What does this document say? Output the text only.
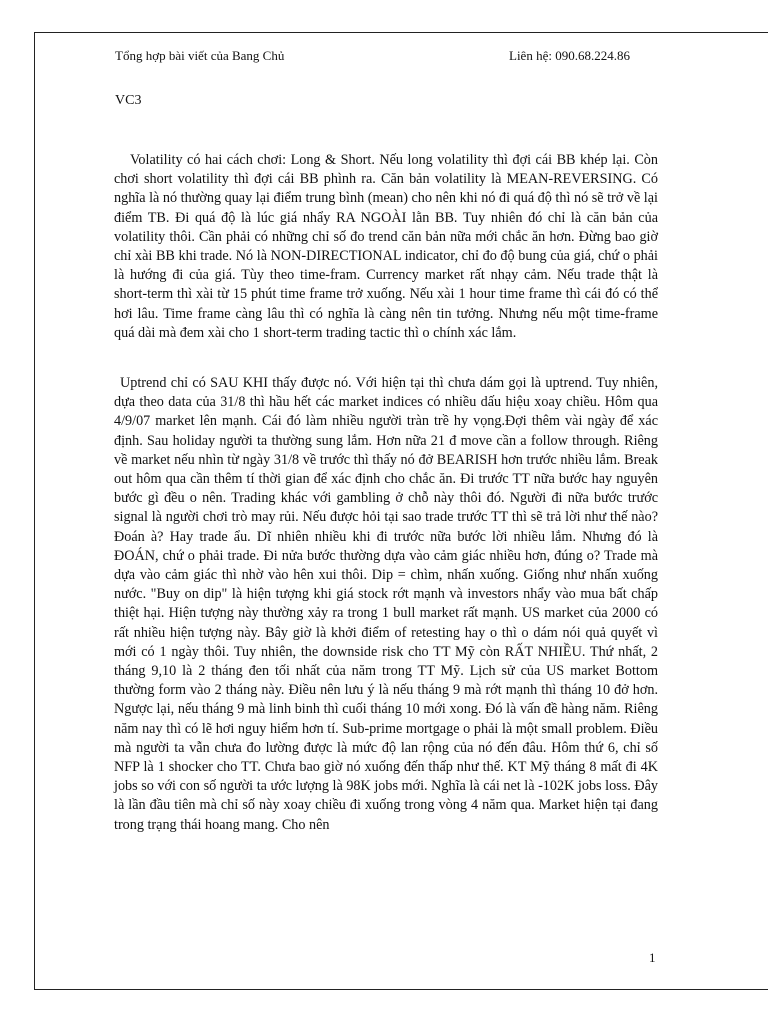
Tổng hợp bài viết của Bang Chủ	Liên hệ: 090.68.224.86
VC3

Volatility có hai cách chơi: Long & Short. Nếu long volatility thì đợi cái BB khép lại. Còn chơi short volatility thì đợi cái BB phình ra. Căn bản volatility là MEAN-REVERSING. Có nghĩa là nó thường quay lại điểm trung bình (mean) cho nên khi nó đi quá độ thì nó sẽ trở về lại điểm TB. Đi quá độ là lúc giá nhẩy RA NGOÀI lằn BB. Tuy nhiên đó chỉ là căn bản của volatility thôi. Cần phải có những chỉ số đo trend căn bản nữa mới chắc ăn hơn. Đừng bao giờ chỉ xài BB khi trade. Nó là NON-DIRECTIONAL indicator, chỉ đo độ bung của giá, chứ o phải là hướng đi của giá. Tùy theo time-fram. Currency market rất nhạy cảm. Nếu trade thật là short-term thì xài từ 15 phút time frame trở xuống. Nếu xài 1 hour time frame thì cái đó có thể hơi lâu. Time frame càng lâu thì có nghĩa là càng nên tin tưởng. Nhưng nếu một time-frame quá dài mà đem xài cho 1 short-term trading tactic thì o chính xác lắm.

Uptrend chỉ có SAU KHI thấy được nó. Với hiện tại thì chưa dám gọi là uptrend. Tuy nhiên, dựa theo data của 31/8 thì hầu hết các market indices có nhiều dấu hiệu xoay chiều. Hôm qua 4/9/07 market lên mạnh. Cái đó làm nhiều người tràn trề hy vọng.Đợi thêm vài ngày để xác định. Sau holiday người ta thường sung lắm. Hơn nữa 21 đ move cần a follow through. Riêng về market nếu nhìn từ ngày 31/8 về trước thì thấy nó đở BEARISH hơn trước nhiều lắm. Break out hôm qua cần thêm tí thời gian để xác định cho chắc ăn. Đi trước TT nữa bước hay nguyên bước gì đều o nên. Trading khác với gambling ở chỗ này thôi đó. Người đi nữa bước trước signal là người chơi trò may rủi. Nếu được hỏi tại sao trade trước TT thì sẽ trả lời như thế nào? Đoán à? Hay trade ẩu. Dĩ nhiên nhiều khi đi trước nữa bước lời nhiều lắm. Nhưng đó là ĐOÁN, chứ o phải trade. Đi nửa bước thường dựa vào cảm giác nhiều hơn, đúng o? Trade mà dựa vào cảm giác thì nhờ vào hên xui thôi. Dip = chìm, nhấn xuống. Giống như nhấn xuống nước. "Buy on dip" là hiện tượng khi giá stock rớt mạnh và investors nhẩy vào mua bất chấp thiệt hại. Hiện tượng này thường xảy ra trong 1 bull market rất mạnh. US market của 2000 có rất nhiều hiện tượng này. Bây giờ là khởi điểm of retesting hay o thì o dám nói quả quyết vì mới có 1 ngày thôi. Tuy nhiên, the downside risk cho TT Mỹ còn RẤT NHIỀU. Thứ nhất, 2 tháng 9,10 là 2 tháng đen tối nhất của năm trong TT Mỹ. Lịch sử của US market Bottom thường form vào 2 tháng này. Điều nên lưu ý là nếu tháng 9 mà rớt mạnh thì tháng 10 đở hơn. Ngược lại, nếu tháng 9 mà linh binh thì cuối tháng 10 mới xong. Đó là vấn đề hàng năm. Riêng năm nay thì có lẽ hơi nguy hiểm hơn tí. Sub-prime mortgage o phải là một small problem. Điều mà người ta vẫn chưa đo lường được là mức độ lan rộng của nó đến đâu. Hôm thứ 6, chỉ số NFP là 1 shocker cho TT. Chưa bao giờ nó xuống đến thấp như thế. KT Mỹ tháng 8 mất đi 4K jobs so với con số người ta ước lượng là 98K jobs mới. Nghĩa là cái net là -102K jobs loss. Đây là lần đầu tiên mà chỉ số này xoay chiều đi xuống trong vòng 4 năm qua. Market hiện tại đang trong trạng thái hoang mang. Cho nên

1
